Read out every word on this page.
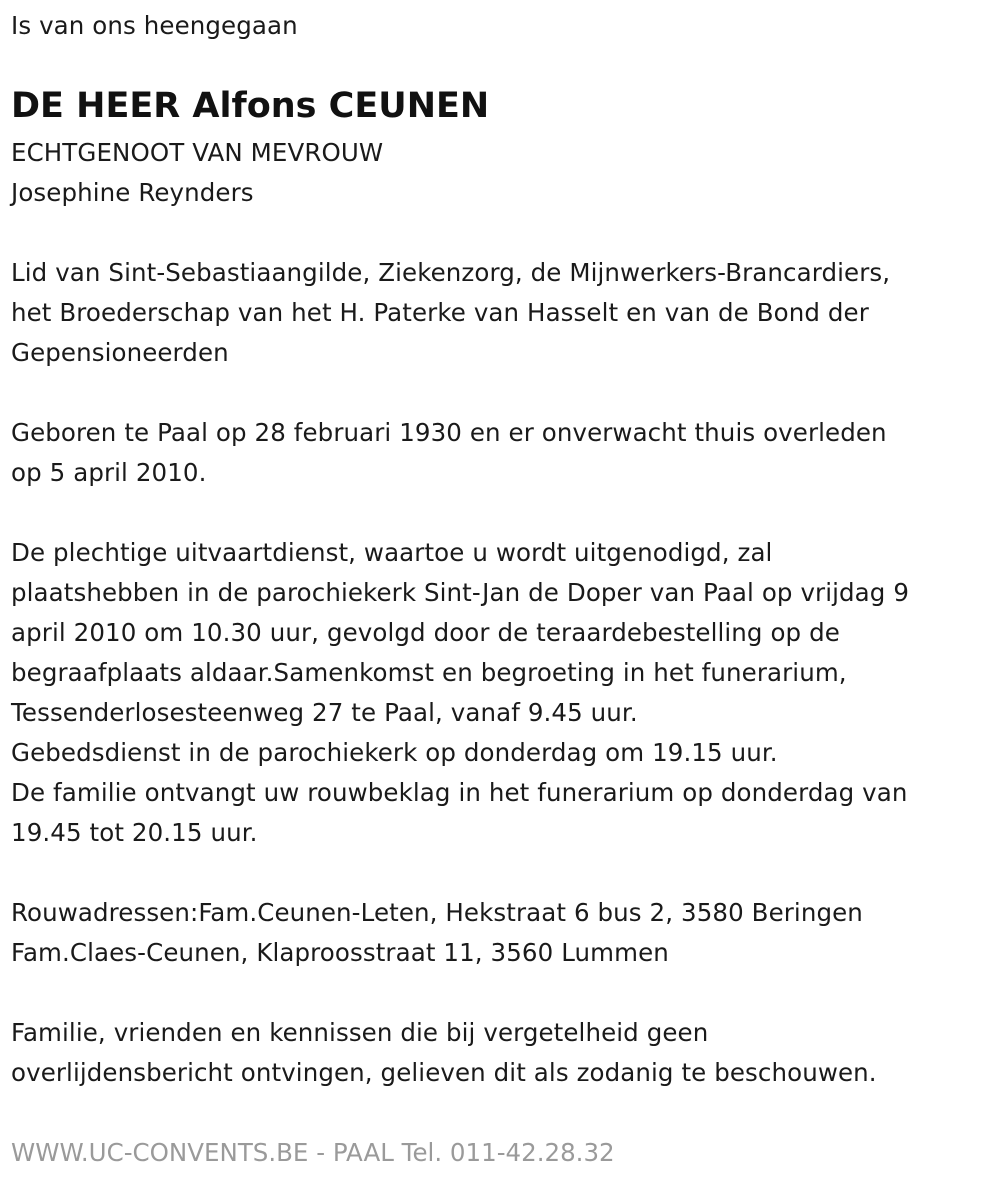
Is van ons heengegaan
DE HEER Alfons CEUNEN
ECHTGENOOT VAN MEVROUW
Josephine Reynders
Lid van Sint-Sebastiaangilde, Ziekenzorg, de Mijnwerkers-Brancardiers,
het Broederschap van het H. Paterke van Hasselt en van de Bond der
Gepensioneerden
Geboren te Paal op 28 februari 1930 en er onverwacht thuis overleden
op 5 april 2010.
De plechtige uitvaartdienst, waartoe u wordt uitgenodigd, zal
plaatshebben in de parochiekerk Sint-Jan de Doper van Paal op vrijdag 9
april 2010 om 10.30 uur, gevolgd door de teraardebestelling op de
begraafplaats aldaar.Samenkomst en begroeting in het funerarium,
Tessenderlosesteenweg 27 te Paal, vanaf 9.45 uur.
Gebedsdienst in de parochiekerk op donderdag om 19.15 uur.
De familie ontvangt uw rouwbeklag in het funerarium op donderdag van
19.45 tot 20.15 uur.
Rouwadressen:Fam.Ceunen-Leten, Hekstraat 6 bus 2, 3580 Beringen
Fam.Claes-Ceunen, Klaproosstraat 11, 3560 Lummen
Familie, vrienden en kennissen die bij vergetelheid geen
overlijdensbericht ontvingen, gelieven dit als zodanig te beschouwen.
WWW.UC-CONVENTS.BE - PAAL Tel. 011-42.28.32
